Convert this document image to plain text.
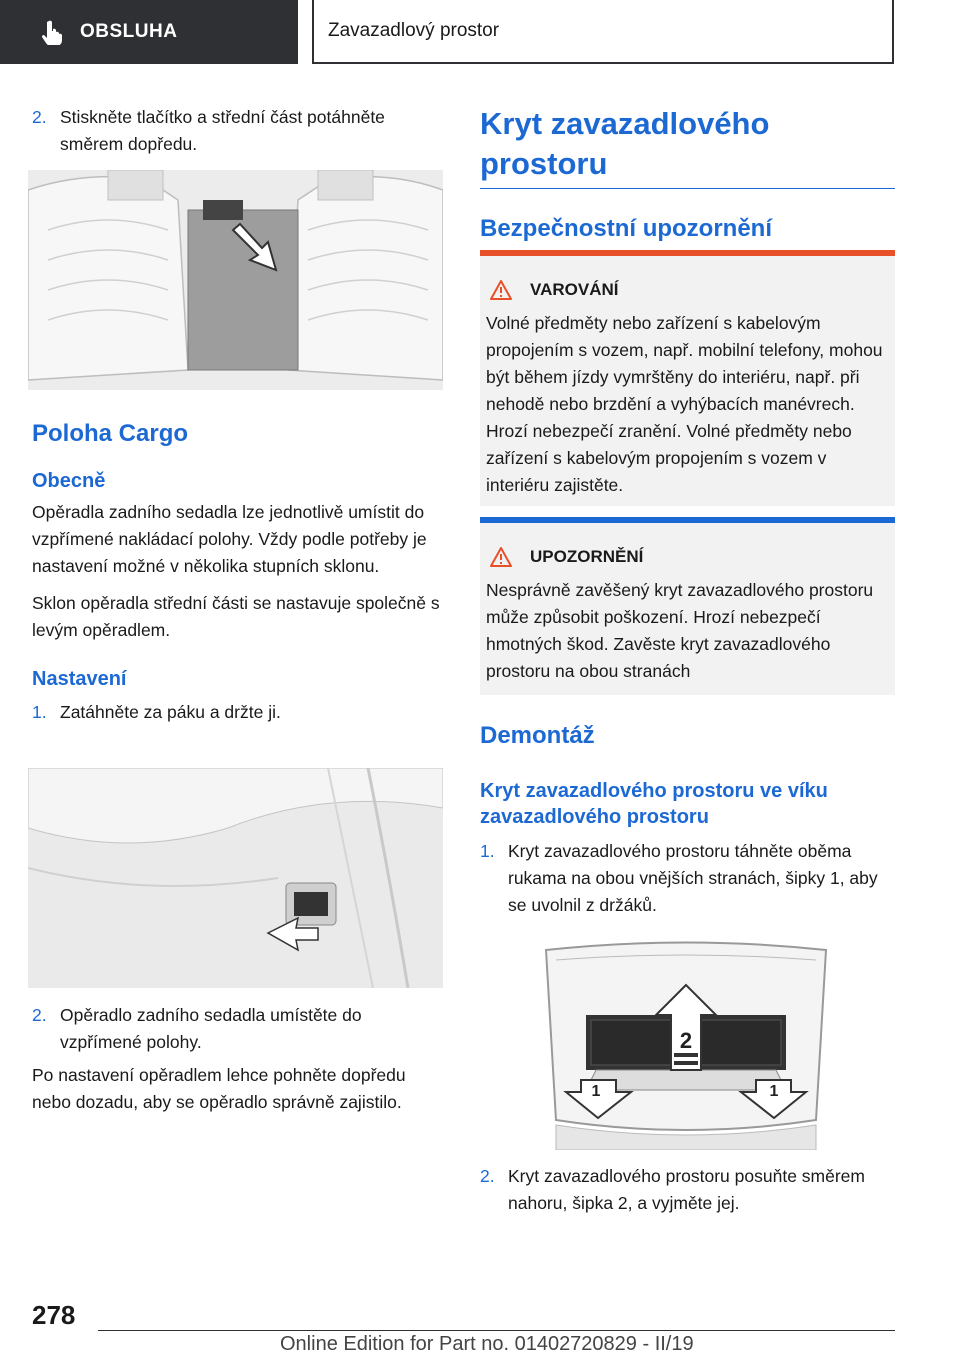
OBSLUHA	Zavazadlový prostor
2. Stiskněte tlačítko a střední část potáhněte směrem dopředu.
Poloha Cargo
Obecně

Opěradla zadního sedadla lze jednotlivě umístit do vzpřímené nakládací polohy. Vždy podle potřeby je nastavení možné v několika stupních sklonu.

Sklon opěradla střední části se nastavuje společně s levým opěradlem.

Nastavení
1. Zatáhněte za páku a držte ji.
2. Opěradlo zadního sedadla umístěte do vzpřímené polohy.

Po nastavení opěradlem lehce pohněte dopředu nebo dozadu, aby se opěradlo správně zajistilo.

Kryt zavazadlového prostoru
Bezpečnostní upozornění
VAROVÁNÍ

Volné předměty nebo zařízení s kabelovým propojením s vozem, např. mobilní telefony, mohou být během jízdy vymrštěny do interiéru, např. při nehodě nebo brzdění a vyhýbacích manévrech. Hrozí nebezpečí zranění. Volné předměty nebo zařízení s kabelovým propojením s vozem v interiéru zajistěte.

UPOZORNĚNÍ

Nesprávně zavěšený kryt zavazadlového prostoru může způsobit poškození. Hrozí nebezpečí hmotných škod. Zavěste kryt zavazadlového prostoru na obou stranách

Demontáž
Kryt zavazadlového prostoru ve víku zavazadlového prostoru
1. Kryt zavazadlového prostoru táhněte oběma rukama na obou vnějších stranách, šipky 1, aby se uvolnil z držáků.
2
1	1
2. Kryt zavazadlového prostoru posuňte směrem nahoru, šipka 2, a vyjměte jej.
278
Online Edition for Part no. 01402720829 - II/19
